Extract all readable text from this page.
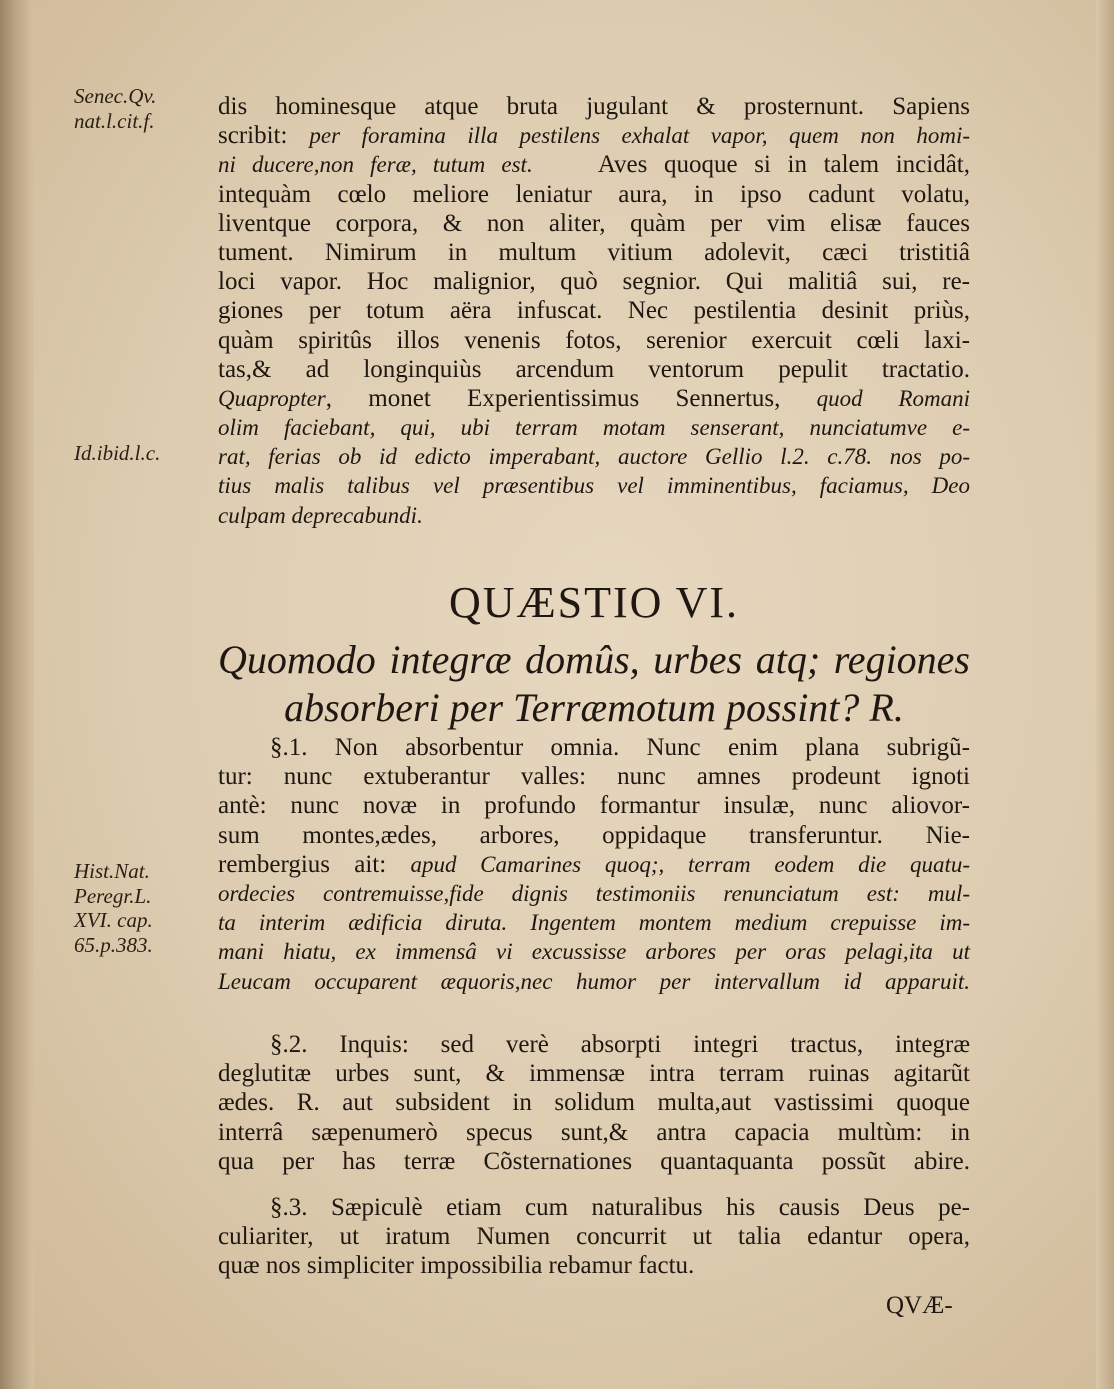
Senec.Qv.
nat.l.cit.f.
Id.ibid.l.c.
Hist.Nat.
Peregr.L.
XVI. cap.
65.p.383.
dis hominesque atque bruta jugulant & prosternunt. Sapiens
scribit: per foramina illa pestilens exhalat vapor, quem non homi-
ni ducere,non feræ, tutum est.	Aves quoque si in talem incidât,
intequàm cœlo meliore leniatur aura, in ipso cadunt volatu,
liventque corpora, & non aliter, quàm per vim elisæ fauces
tument. Nimirum in multum vitium adolevit, cæci tristitiâ
loci vapor. Hoc malignior, quò segnior. Qui malitiâ sui, re-
giones per totum aëra infuscat. Nec pestilentia desinit priùs,
quàm spiritûs illos venenis fotos, serenior exercuit cœli laxi-
tas,& ad longinquiùs arcendum ventorum pepulit tractatio.
Quapropter, monet Experientissimus Sennertus, quod Romani
olim faciebant, qui, ubi terram motam senserant, nunciatumve e-
rat, ferias ob id edicto imperabant, auctore Gellio l.2. c.78. nos po-
tius malis talibus vel præsentibus vel imminentibus, faciamus, Deo
culpam deprecabundi.
QUÆSTIO VI.
Quomodo integræ domûs, urbes atq; regiones
absorberi per Terræmotum possint? R.
§.1. Non absorbentur omnia. Nunc enim plana subrigũ-
tur: nunc extuberantur valles: nunc amnes prodeunt ignoti
antè: nunc novæ in profundo formantur insulæ, nunc aliovor-
sum montes,ædes, arbores, oppidaque transferuntur. Nie-
rembergius ait: apud Camarines quoq;, terram eodem die quatu-
ordecies contremuisse,fide dignis testimoniis renunciatum est: mul-
ta interim ædificia diruta. Ingentem montem medium crepuisse im-
mani hiatu, ex immensâ vi excussisse arbores per oras pelagi,ita ut
Leucam occuparent æquoris,nec humor per intervallum id apparuit.
§.2. Inquis: sed verè absorpti integri tractus, integræ
deglutitæ urbes sunt, & immensæ intra terram ruinas agitarũt
ædes. R. aut subsident in solidum multa,aut vastissimi quoque
interrâ sæpenumerò specus sunt,& antra capacia multùm: in
qua per has terræ Cõsternationes quantaquanta possũt abire.
§.3. Sæpiculè etiam cum naturalibus his causis Deus pe-
culiariter, ut iratum Numen concurrit ut talia edantur opera,
quæ nos simpliciter impossibilia rebamur factu.
QVÆ-
